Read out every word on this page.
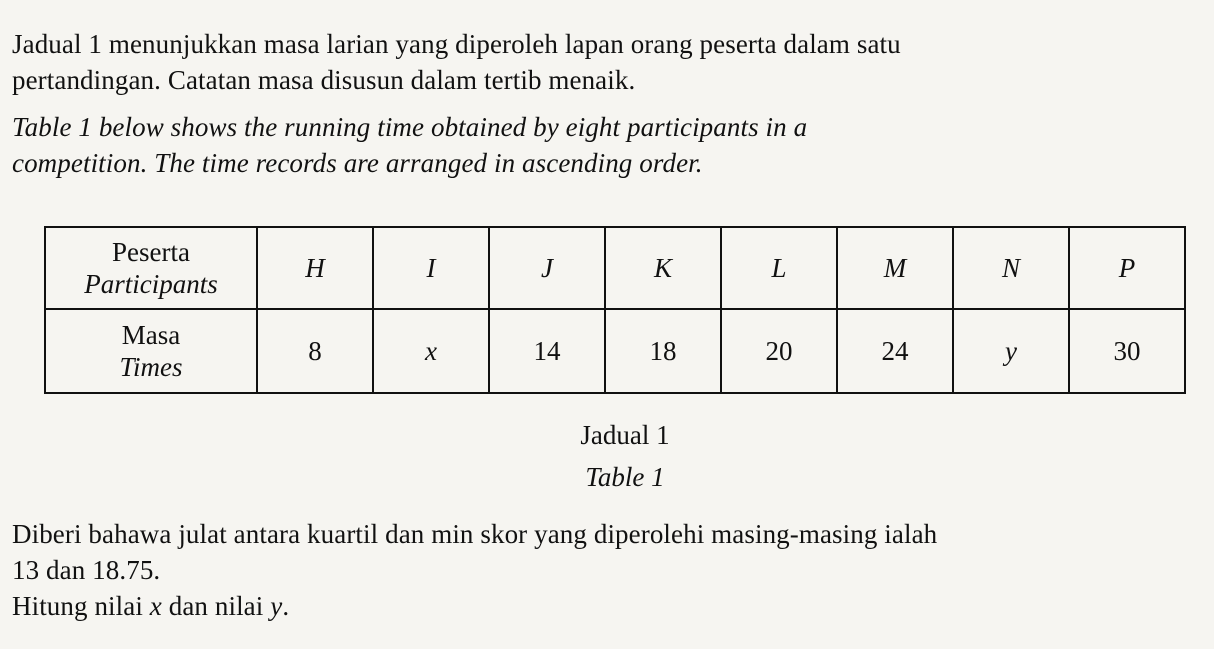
Jadual 1 menunjukkan masa larian yang diperoleh lapan orang peserta dalam satu
pertandingan. Catatan masa disusun dalam tertib menaik.

Table 1 below shows the running time obtained by eight participants in a
competition. The time records are arranged in ascending order.

Peserta
Participants	H	I	J	K	L	M	N	P

Masa
Times	8	x	14	18	20	24	y	30

Jadual 1

Table 1

Diberi bahawa julat antara kuartil dan min skor yang diperolehi masing-masing ialah
13 dan 18.75.
Hitung nilai x dan nilai y.
